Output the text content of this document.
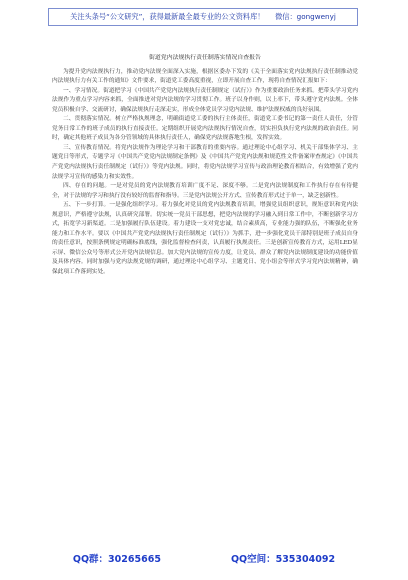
关注头条号“公文研究”，获得最新最全最专业的公文资料库！
微信：gongwenyj
街道党内法规执行责任制落实情况自查报告

为提升党内法规执行力，推动党内法规全面深入实施，根据区委办下发的《关于全面落实党内法规执行责任制推动党内法规执行力有关工作的通知》文件要求，街道党工委高度重视，立即开展自查工作，现将自查情况汇报如下：

一、学习情况。街道把学习《中国共产党党内法规执行责任制规定（试行）》作为重要政治任务来抓。把带头学习党内法规作为重点学习内容来抓，全面推进对党内法规的学习贯彻工作。班子以身作则，以上率下，带头遵守党内法规。全体党员积极自学、交流研讨，确保法规执行走深走实，形成全体党员学习党内法规、维护法规权威的良好氛围。

二、贯彻落实情况。树立严格执规理念，明确街道党工委的执行主体责任，街道党工委书记的第一责任人责任，分管党务日常工作的班子成员的执行直接责任。定期组织开展党内法规执行情况自查，切实担负执行党内法规的政治责任。同时，确定其他班子成员为各分管领域的具体执行责任人，确保党内法规落地生根，发挥实效。

三、宣传教育情况。将党内法规作为理论学习和干部教育的重要内容。通过理论中心组学习、机关干部集体学习、主题党日等形式，专题学习《中国共产党党内法规制定条例》及《中国共产党党内法规和规范性文件备案审查规定》《中国共产党党内法规执行责任制规定（试行）》等党内法规。同时，将党内法规学习宣传与政治理论教育相结合，有效增强了党内法规学习宣传的感染力和实效性。

四、存在的问题。一是对党员的党内法规教育培训广度不足、深度不够。二是党内法规制度和工作执行存在有待健全，对于法规的学习和执行没有较好的监督和指导。三是党内法规公开方式、宣传教育形式过于单一，缺乏创新性。

五、下一步打算。一是强化组织学习。着力强化对党员的党内法规教育培训，增强党员组织意识，规矩意识和党内法规意识，严格遵守法规，认真研究部署。切实统一党员干部思想，把党内法规的学习融入到日常工作中，不断创新学习方式，拓宽学习新渠道。二是加强履行队伍建设。着力建设一支对党忠诚，结合素质高，专业能力强的队伍，不断强化业务能力和工作水平。要以《中国共产党党内法规执行责任制规定（试行）》为抓手，进一步强化党员干部特别是班子成员自身的责任意识，按照条例规定明确标准底线，强化监督检查问责，认真履行执规责任。三是创新宣传教育方式，运用LED显示屏、微信公众号等形式公开党内法规信息。加大党内法规的宣传力度，让党员、群众了解党内法规制度建设的功能价值及具体内容。同时加强与党内法规党规的调研，通过理论中心组学习、主题党日、党小组会等形式学习党内法规精神，确保此项工作落到实处。

QQ群：30265665	QQ空间：535304092
